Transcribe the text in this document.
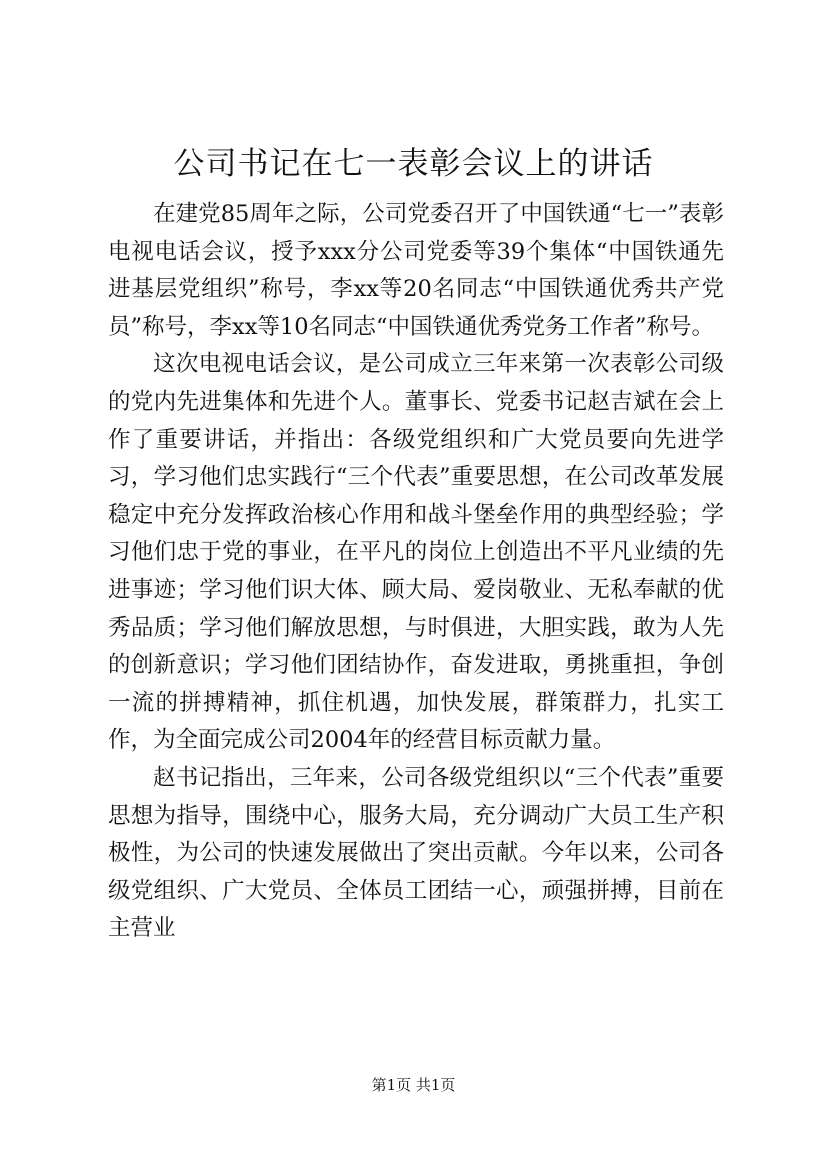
公司书记在七一表彰会议上的讲话

在建党85周年之际，公司党委召开了中国铁通“七一”表彰电视电话会议，授予xxx分公司党委等39个集体“中国铁通先进基层党组织”称号，李xx等20名同志“中国铁通优秀共产党员”称号，李xx等10名同志“中国铁通优秀党务工作者”称号。

这次电视电话会议，是公司成立三年来第一次表彰公司级的党内先进集体和先进个人。董事长、党委书记赵吉斌在会上作了重要讲话，并指出：各级党组织和广大党员要向先进学习，学习他们忠实践行“三个代表”重要思想，在公司改革发展稳定中充分发挥政治核心作用和战斗堡垒作用的典型经验；学习他们忠于党的事业，在平凡的岗位上创造出不平凡业绩的先进事迹；学习他们识大体、顾大局、爱岗敬业、无私奉献的优秀品质；学习他们解放思想，与时俱进，大胆实践，敢为人先的创新意识；学习他们团结协作，奋发进取，勇挑重担，争创一流的拼搏精神，抓住机遇，加快发展，群策群力，扎实工作，为全面完成公司2004年的经营目标贡献力量。

赵书记指出，三年来，公司各级党组织以“三个代表”重要思想为指导，围绕中心，服务大局，充分调动广大员工生产积极性，为公司的快速发展做出了突出贡献。今年以来，公司各级党组织、广大党员、全体员工团结一心，顽强拼搏，目前在主营业

第1页 共1页
